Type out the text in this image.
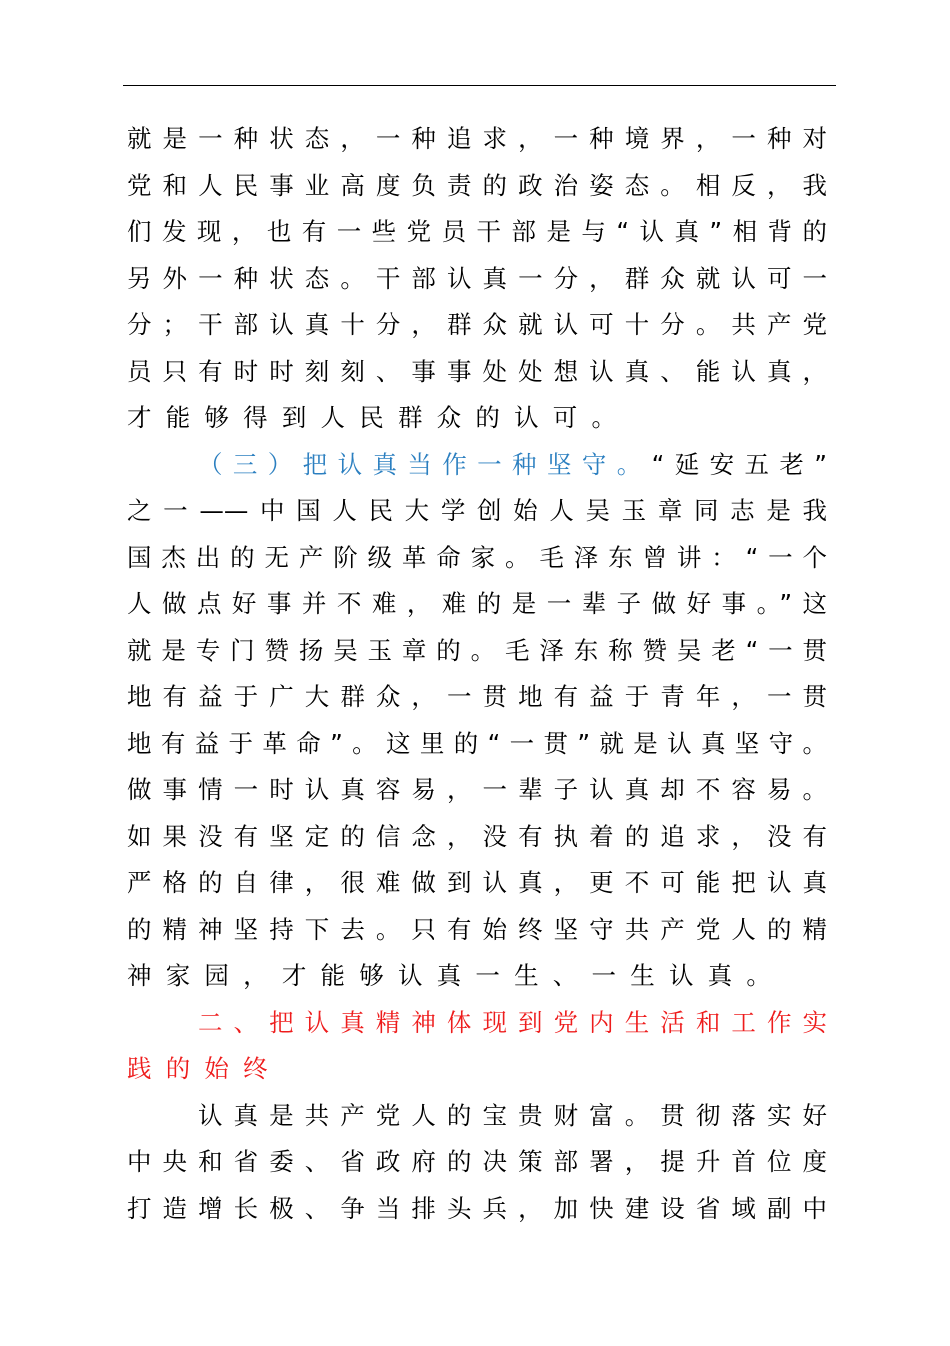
就是一种状态，一种追求，一种境界，一种对
党和人民事业高度负责的政治姿态。相反，我
们发现，也有一些党员干部是与“认真”相背的
另外一种状态。干部认真一分，群众就认可一
分；干部认真十分，群众就认可十分。共产党
员只有时时刻刻、事事处处想认真、能认真，
才能够得到人民群众的认可。
（三）把认真当作一种坚守。“延安五老”
之一——中国人民大学创始人吴玉章同志是我
国杰出的无产阶级革命家。毛泽东曾讲：“一个
人做点好事并不难，难的是一辈子做好事。”这
就是专门赞扬吴玉章的。毛泽东称赞吴老“一贯
地有益于广大群众，一贯地有益于青年，一贯
地有益于革命”。这里的“一贯”就是认真坚守。
做事情一时认真容易，一辈子认真却不容易。
如果没有坚定的信念，没有执着的追求，没有
严格的自律，很难做到认真，更不可能把认真
的精神坚持下去。只有始终坚守共产党人的精
神家园，才能够认真一生、一生认真。
二、把认真精神体现到党内生活和工作实
践的始终
认真是共产党人的宝贵财富。贯彻落实好
中央和省委、省政府的决策部署，提升首位度
打造增长极、争当排头兵，加快建设省域副中
